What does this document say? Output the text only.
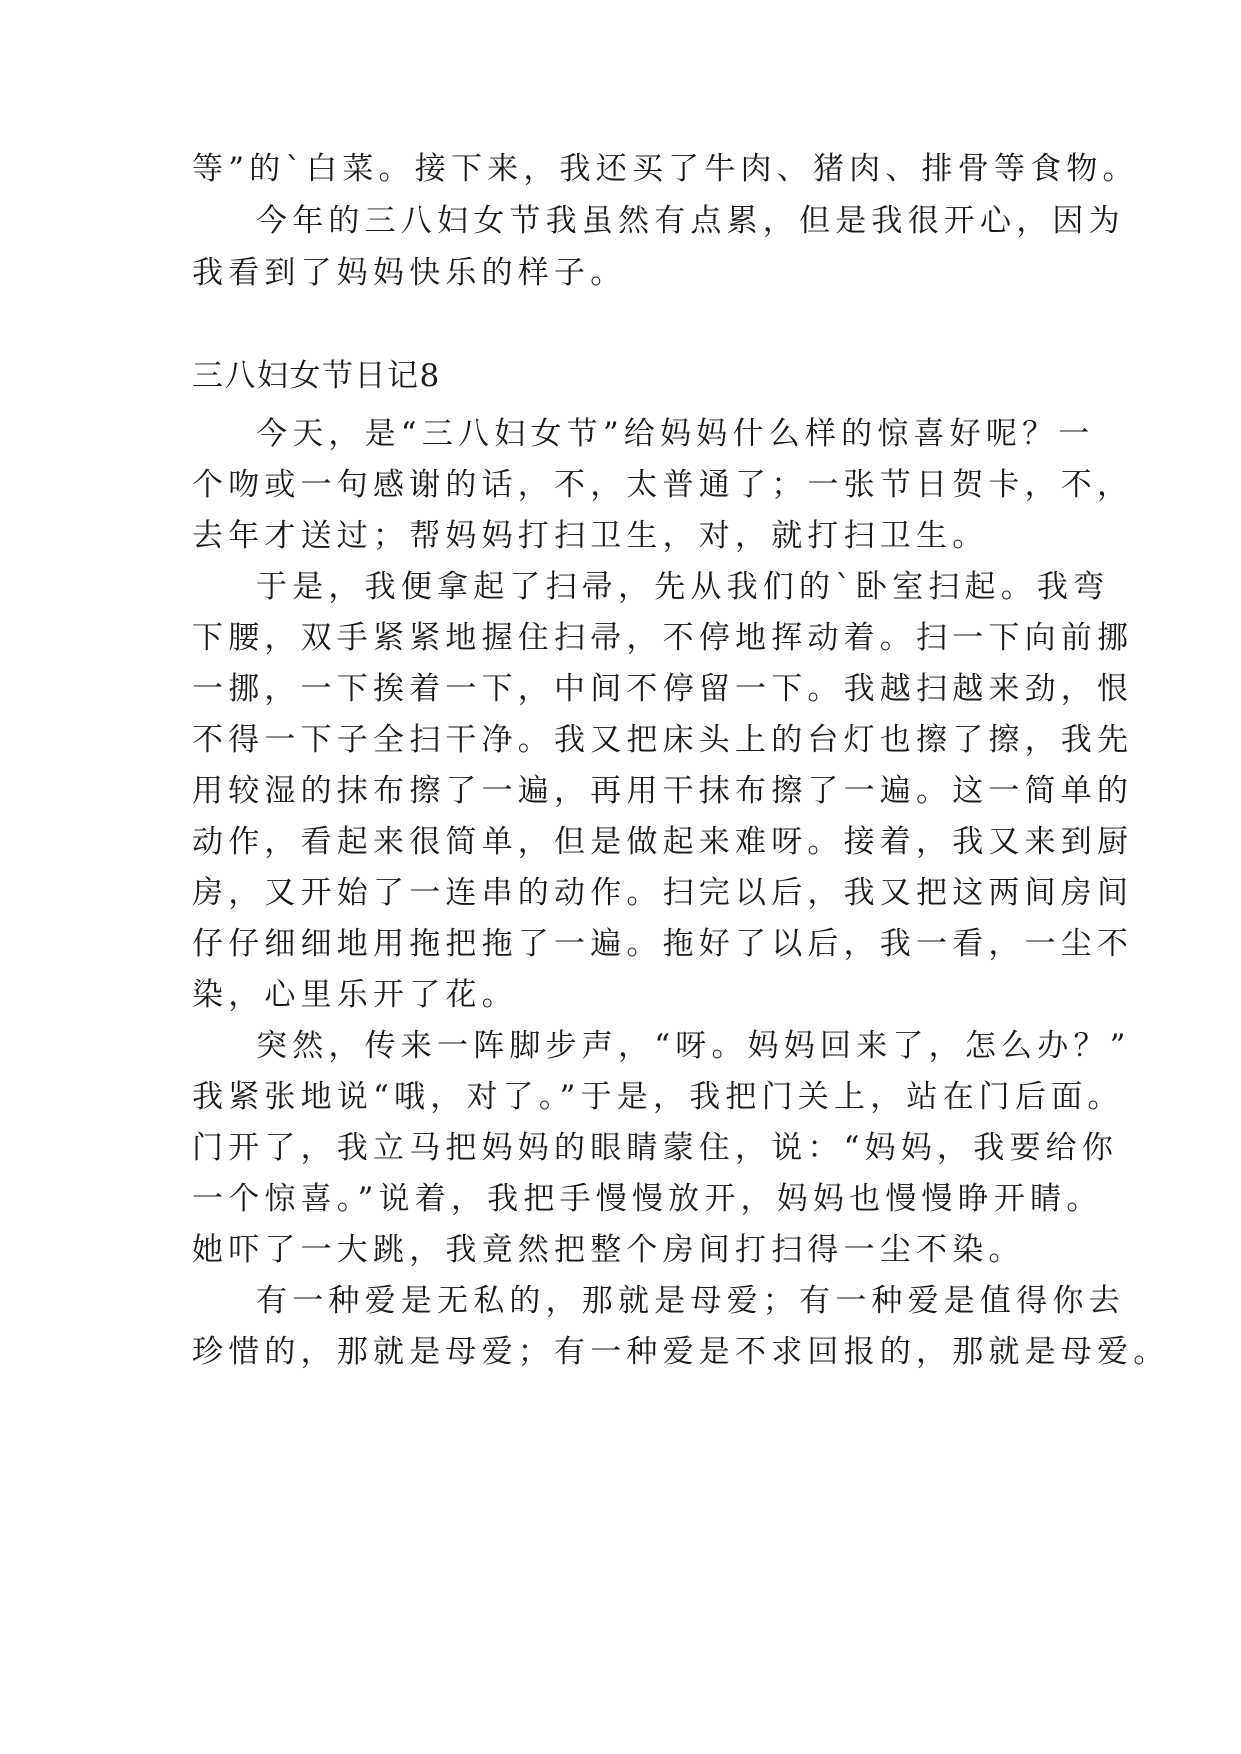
等”的`白菜。接下来，我还买了牛肉、猪肉、排骨等食物。

今年的三八妇女节我虽然有点累，但是我很开心，因为

我看到了妈妈快乐的样子。

三八妇女节日记8

今天，是“三八妇女节”给妈妈什么样的惊喜好呢？一

个吻或一句感谢的话，不，太普通了；一张节日贺卡，不，

去年才送过；帮妈妈打扫卫生，对，就打扫卫生。

于是，我便拿起了扫帚，先从我们的`卧室扫起。我弯

下腰，双手紧紧地握住扫帚，不停地挥动着。扫一下向前挪

一挪，一下挨着一下，中间不停留一下。我越扫越来劲，恨

不得一下子全扫干净。我又把床头上的台灯也擦了擦，我先

用较湿的抹布擦了一遍，再用干抹布擦了一遍。这一简单的

动作，看起来很简单，但是做起来难呀。接着，我又来到厨

房，又开始了一连串的动作。扫完以后，我又把这两间房间

仔仔细细地用拖把拖了一遍。拖好了以后，我一看，一尘不

染，心里乐开了花。

突然，传来一阵脚步声，“呀。妈妈回来了，怎么办？”

我紧张地说“哦，对了。”于是，我把门关上，站在门后面。

门开了，我立马把妈妈的眼睛蒙住，说：“妈妈，我要给你

一个惊喜。”说着，我把手慢慢放开，妈妈也慢慢睁开睛。

她吓了一大跳，我竟然把整个房间打扫得一尘不染。

有一种爱是无私的，那就是母爱；有一种爱是值得你去

珍惜的，那就是母爱；有一种爱是不求回报的，那就是母爱。
